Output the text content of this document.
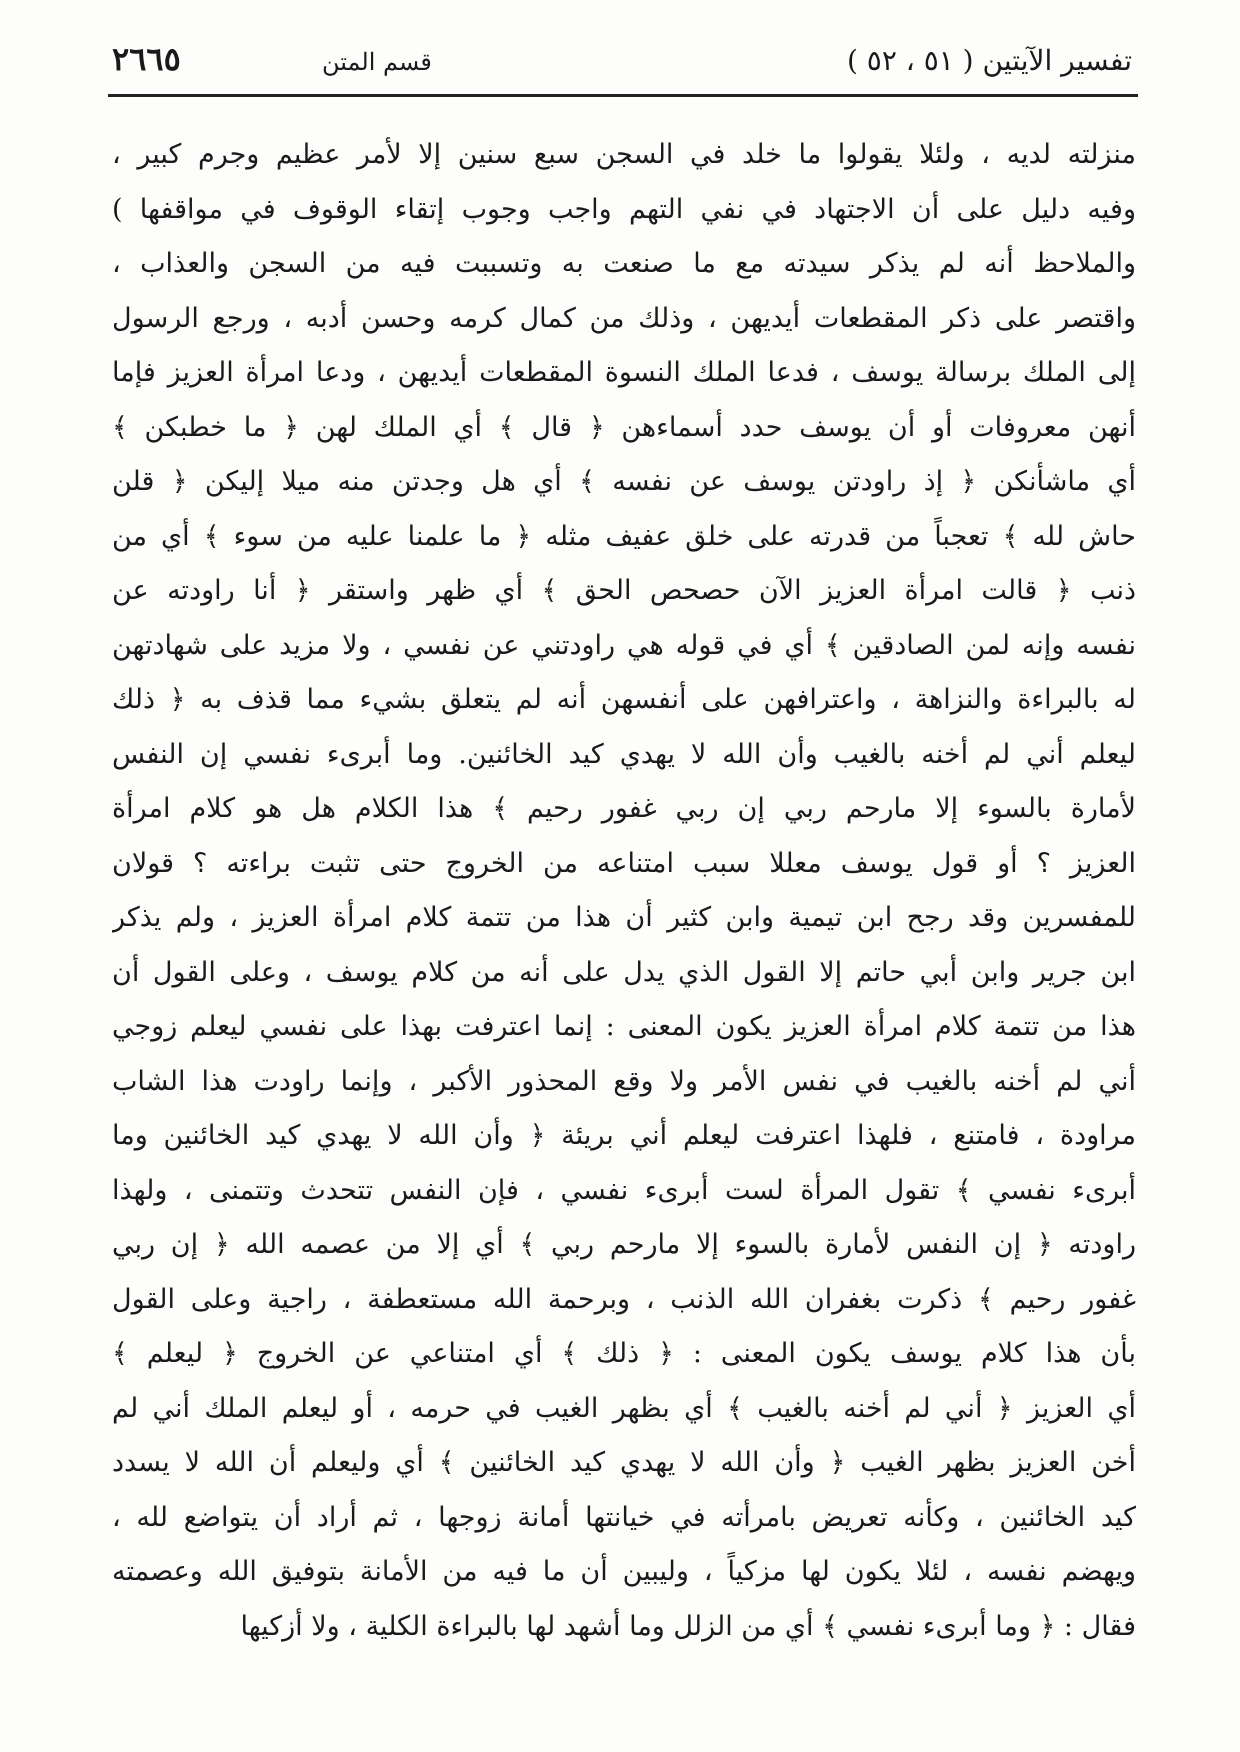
تفسير الآيتين ( ٥١ ، ٥٢ )
قسم المتن
٢٦٦٥
منزلته لديه ، ولئلا يقولوا ما خلد في السجن سبع سنين إلا لأمر عظيم وجرم كبير ،
وفيه دليل على أن الاجتهاد في نفي التهم واجب وجوب إتقاء الوقوف في مواقفها )
والملاحظ أنه لم يذكر سيدته مع ما صنعت به وتسببت فيه من السجن والعذاب ،
واقتصر على ذكر المقطعات أيديهن ، وذلك من كمال كرمه وحسن أدبه ، ورجع الرسول
إلى الملك برسالة يوسف ، فدعا الملك النسوة المقطعات أيديهن ، ودعا امرأة العزيز فإما
أنهن معروفات أو أن يوسف حدد أسماءهن ﴿ قال ﴾ أي الملك لهن ﴿ ما خطبكن ﴾
أي ماشأنكن ﴿ إذ راودتن يوسف عن نفسه ﴾ أي هل وجدتن منه ميلا إليكن ﴿ قلن
حاش لله ﴾ تعجباً من قدرته على خلق عفيف مثله ﴿ ما علمنا عليه من سوء ﴾ أي من
ذنب ﴿ قالت امرأة العزيز الآن حصحص الحق ﴾ أي ظهر واستقر ﴿ أنا راودته عن
نفسه وإنه لمن الصادقين ﴾ أي في قوله هي راودتني عن نفسي ، ولا مزيد على شهادتهن
له بالبراءة والنزاهة ، واعترافهن على أنفسهن أنه لم يتعلق بشيء مما قذف به ﴿ ذلك
ليعلم أني لم أخنه بالغيب وأن الله لا يهدي كيد الخائنين. وما أبرىء نفسي إن النفس
لأمارة بالسوء إلا مارحم ربي إن ربي غفور رحيم ﴾ هذا الكلام هل هو كلام امرأة
العزيز ؟ أو قول يوسف معللا سبب امتناعه من الخروج حتى تثبت براءته ؟ قولان
للمفسرين وقد رجح ابن تيمية وابن كثير أن هذا من تتمة كلام امرأة العزيز ، ولم يذكر
ابن جرير وابن أبي حاتم إلا القول الذي يدل على أنه من كلام يوسف ، وعلى القول أن
هذا من تتمة كلام امرأة العزيز يكون المعنى : إنما اعترفت بهذا على نفسي ليعلم زوجي
أني لم أخنه بالغيب في نفس الأمر ولا وقع المحذور الأكبر ، وإنما راودت هذا الشاب
مراودة ، فامتنع ، فلهذا اعترفت ليعلم أني بريئة ﴿ وأن الله لا يهدي كيد الخائنين وما
أبرىء نفسي ﴾ تقول المرأة لست أبرىء نفسي ، فإن النفس تتحدث وتتمنى ، ولهذا
راودته ﴿ إن النفس لأمارة بالسوء إلا مارحم ربي ﴾ أي إلا من عصمه الله ﴿ إن ربي
غفور رحيم ﴾ ذكرت بغفران الله الذنب ، وبرحمة الله مستعطفة ، راجية وعلى القول
بأن هذا كلام يوسف يكون المعنى : ﴿ ذلك ﴾ أي امتناعي عن الخروج ﴿ ليعلم ﴾
أي العزيز ﴿ أني لم أخنه بالغيب ﴾ أي بظهر الغيب في حرمه ، أو ليعلم الملك أني لم
أخن العزيز بظهر الغيب ﴿ وأن الله لا يهدي كيد الخائنين ﴾ أي وليعلم أن الله لا يسدد
كيد الخائنين ، وكأنه تعريض بامرأته في خيانتها أمانة زوجها ، ثم أراد أن يتواضع لله ،
ويهضم نفسه ، لئلا يكون لها مزكياً ، وليبين أن ما فيه من الأمانة بتوفيق الله وعصمته
فقال : ﴿ وما أبرىء نفسي ﴾ أي من الزلل وما أشهد لها بالبراءة الكلية ، ولا أزكيها
